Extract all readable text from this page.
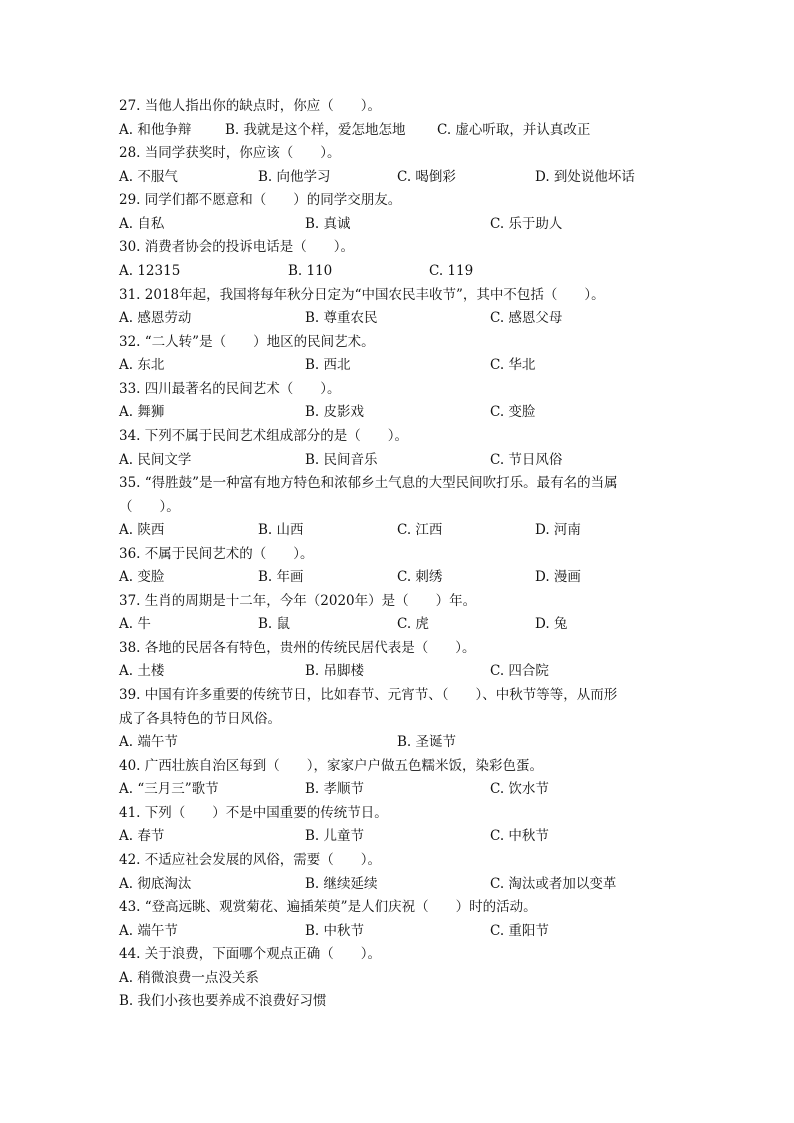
27. 当他人指出你的缺点时，你应（　　）。
A. 和他争辩 B. 我就是这个样，爱怎地怎地 C. 虚心听取，并认真改正
28. 当同学获奖时，你应该（　　）。
A. 不服气	B. 向他学习	C. 喝倒彩	D. 到处说他坏话
29. 同学们都不愿意和（　　）的同学交朋友。
A. 自私	B. 真诚	C. 乐于助人
30. 消费者协会的投诉电话是（　　）。
A. 12315	B. 110	C. 119
31. 2018年起，我国将每年秋分日定为“中国农民丰收节”，其中不包括（　　）。
A. 感恩劳动	B. 尊重农民	C. 感恩父母
32. “二人转”是（　　）地区的民间艺术。
A. 东北	B. 西北	C. 华北
33. 四川最著名的民间艺术（　　）。
A. 舞狮	B. 皮影戏	C. 变脸
34. 下列不属于民间艺术组成部分的是（　　）。
A. 民间文学	B. 民间音乐	C. 节日风俗
35. “得胜鼓”是一种富有地方特色和浓郁乡土气息的大型民间吹打乐。最有名的当属
（　　）。
A. 陕西	B. 山西	C. 江西	D. 河南
36. 不属于民间艺术的（　　）。
A. 变脸	B. 年画	C. 刺绣	D. 漫画
37. 生肖的周期是十二年，今年（2020年）是（　　）年。
A. 牛	B. 鼠	C. 虎	D. 兔
38. 各地的民居各有特色，贵州的传统民居代表是（　　）。
A. 土楼	B. 吊脚楼	C. 四合院
39. 中国有许多重要的传统节日，比如春节、元宵节、（　　）、中秋节等等，从而形
成了各具特色的节日风俗。
A. 端午节	B. 圣诞节
40. 广西壮族自治区每到（　　），家家户户做五色糯米饭，染彩色蛋。
A. “三月三”歌节	B. 孝顺节	C. 饮水节
41. 下列（　　）不是中国重要的传统节日。
A. 春节	B. 儿童节	C. 中秋节
42. 不适应社会发展的风俗，需要（　　）。
A. 彻底淘汰	B. 继续延续	C. 淘汰或者加以变革
43. “登高远眺、观赏菊花、遍插茱萸”是人们庆祝（　　）时的活动。
A. 端午节	B. 中秋节	C. 重阳节
44. 关于浪费，下面哪个观点正确（　　）。
A. 稍微浪费一点没关系
B. 我们小孩也要养成不浪费好习惯
